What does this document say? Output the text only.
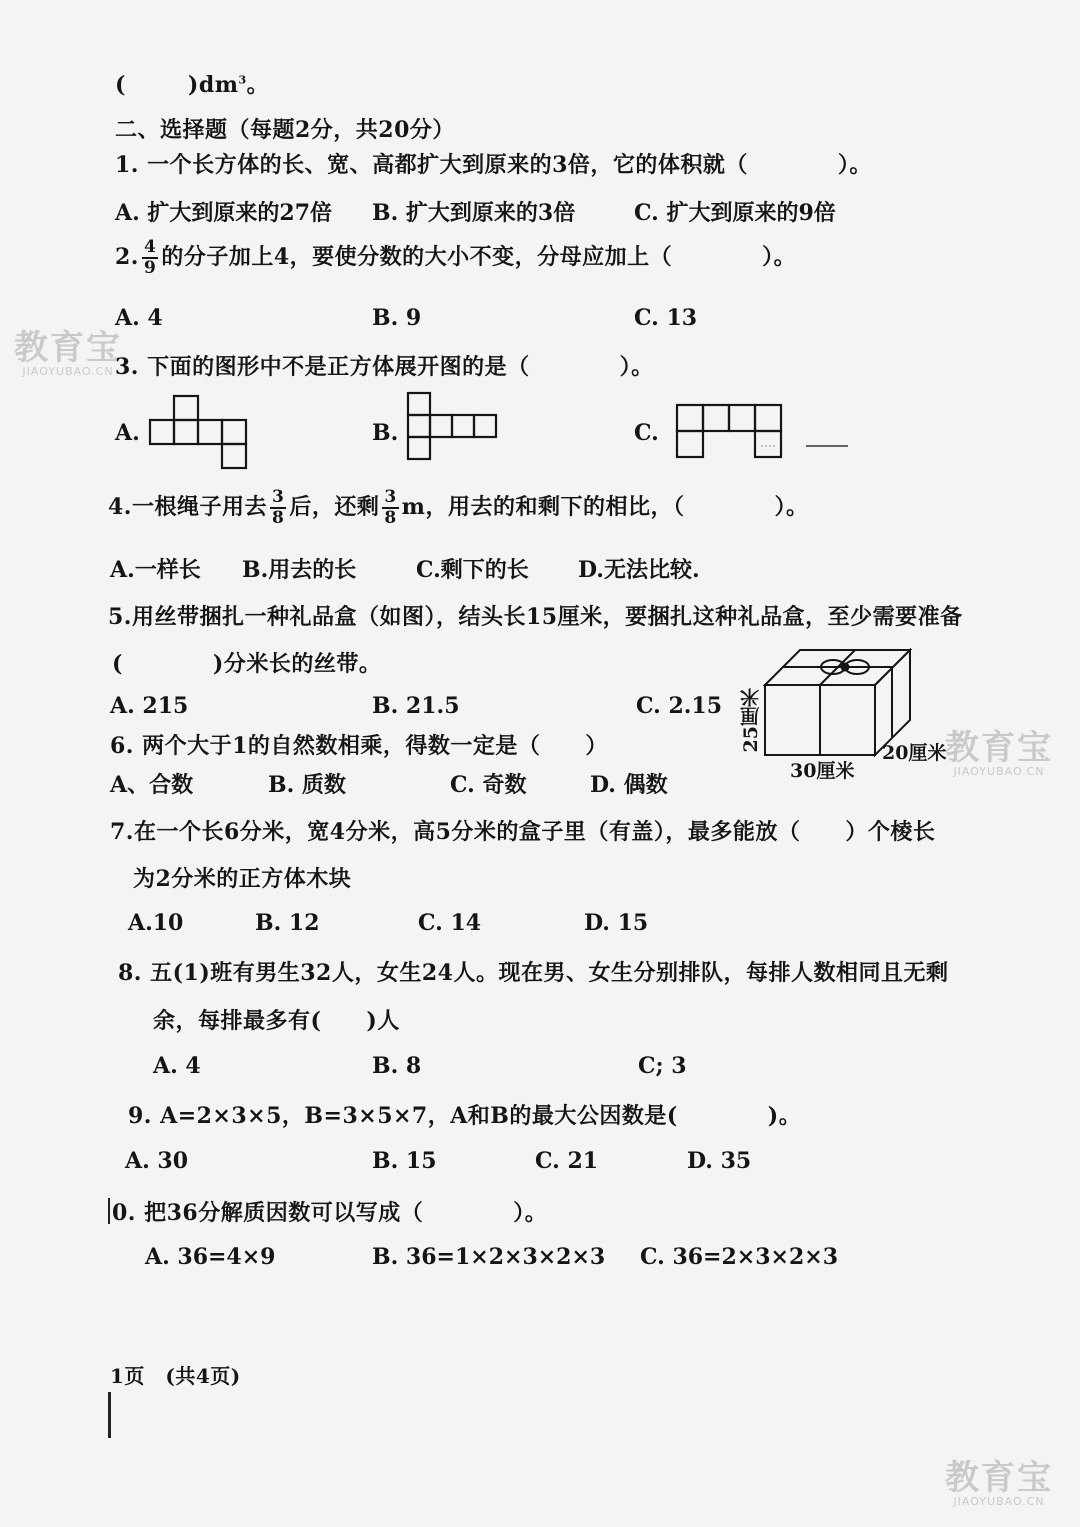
教育宝
JIAOYUBAO.CN
教育宝
JIAOYUBAO.CN
教育宝
JIAOYUBAO.CN
(	)$dm^3$。
二、选择题（每题2分，共20分）
1. 一个长方体的长、宽、高都扩大到原来的3倍，它的体积就（　　　　）。
A. 扩大到原来的27倍 B. 扩大到原来的3倍	C. 扩大到原来的9倍
2. $\frac{4}{9}$ 的分子加上4，要使分数的大小不变，分母应加上（　　　　）。
A. 4	B. 9	C. 13
3. 下面的图形中不是正方体展开图的是（　　　　）。
A.	B.	C.
4.一根绳子用去 $\frac{3}{8}$ 后，还剩 $\frac{3}{8}$ m，用去的和剩下的相比，（　　　　）。
A.一样长 B.用去的长	C.剩下的长 D.无法比较.
5.用丝带捆扎一种礼品盒（如图），结头长15厘米，要捆扎这种礼品盒，至少需要准备
(　　　　)分米长的丝带。
A. 215	B. 21.5	C. 2.15 25厘米
20厘米
30厘米
6. 两个大于1的自然数相乘，得数一定是（　　）
A、合数	B. 质数	C. 奇数	D. 偶数
7.在一个长6分米，宽4分米，高5分米的盒子里（有盖），最多能放（　　）个棱长
为2分米的正方体木块
A.10	B. 12	C. 14	D. 15
8. 五(1)班有男生32人，女生24人。现在男、女生分别排队，每排人数相同且无剩
余，每排最多有(　　)人
A. 4	B. 8	C; 3
9. A=2×3×5，B=3×5×7，A和B的最大公因数是(　　　　)。
A. 30	B. 15	C. 21	D. 35
0. 把36分解质因数可以写成（　　　　）。
A. 36=4×9	B. 36=1×2×3×2×3 C. 36=2×3×2×3
1页　(共4页)
